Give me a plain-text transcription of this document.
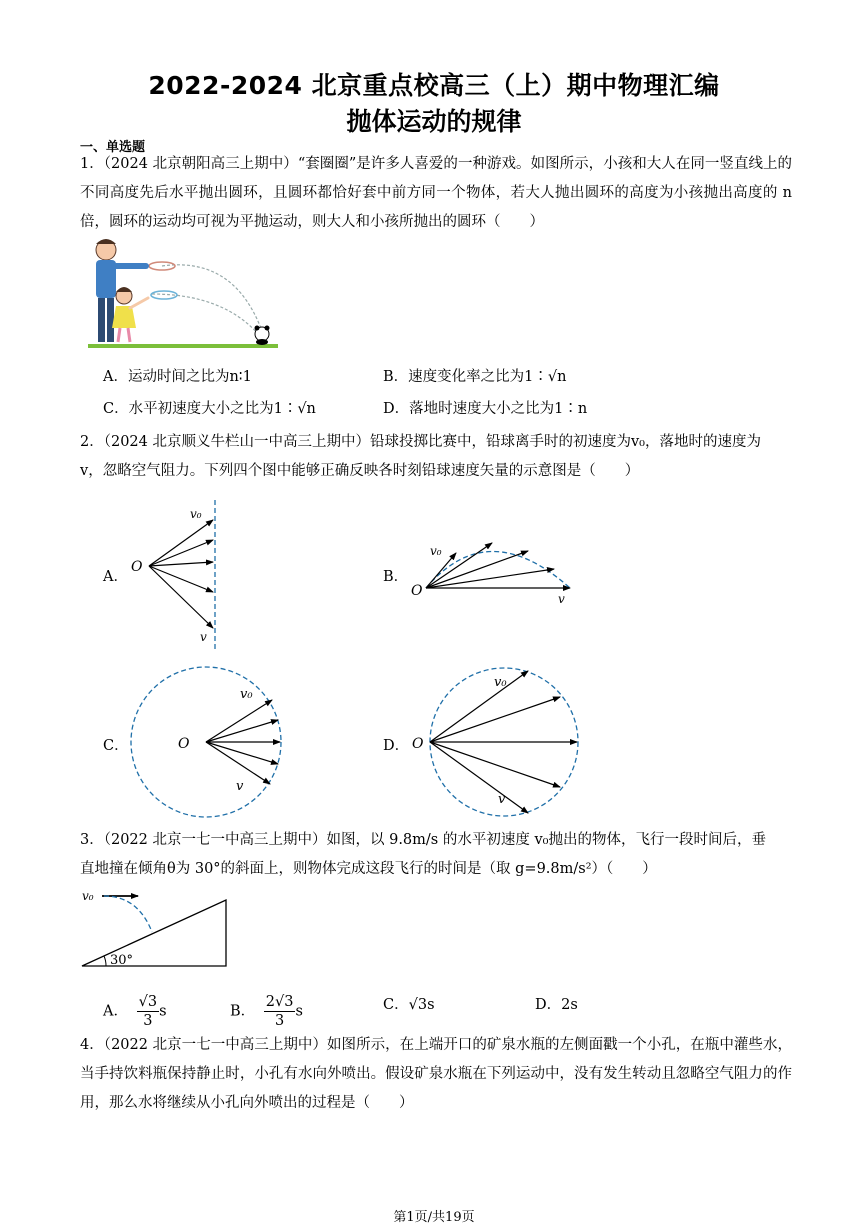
2022-2024 北京重点校高三（上）期中物理汇编
抛体运动的规律
一、单选题
1．（2024 北京朝阳高三上期中）“套圈圈”是许多人喜爱的一种游戏。如图所示，小孩和大人在同一竖直线上的不同高度先后水平抛出圆环，且圆环都恰好套中前方同一个物体，若大人抛出圆环的高度为小孩抛出高度的 n 倍，圆环的运动均可视为平抛运动，则大人和小孩所抛出的圆环（　　）
A．运动时间之比为n∶1	B．速度变化率之比为1∶√n
C．水平初速度大小之比为1∶√n	D．落地时速度大小之比为1∶n
2．（2024 北京顺义牛栏山一中高三上期中）铅球投掷比赛中，铅球离手时的初速度为v₀，落地时的速度为
v，忽略空气阻力。下列四个图中能够正确反映各时刻铅球速度矢量的示意图是（　　）
A．
O
v₀
v
B．
O
v₀
v
C．	O
v₀
v
D． O
v₀
v
3．（2022 北京一七一中高三上期中）如图，以 9.8m/s 的水平初速度 v₀抛出的物体，飞行一段时间后，垂
直地撞在倾角θ为 30°的斜面上，则物体完成这段飞行的时间是（取 g=9.8m/s²）（　　）
v₀
30°
A． $\frac{√3}{3}$ s	B． $\frac{2√3}{3}$ s	C．√3s	D．2s
4．（2022 北京一七一中高三上期中）如图所示，在上端开口的矿泉水瓶的左侧面戳一个小孔，在瓶中灌些水，当手持饮料瓶保持静止时，小孔有水向外喷出。假设矿泉水瓶在下列运动中，没有发生转动且忽略空气阻力的作用，那么水将继续从小孔向外喷出的过程是（　　）
第1页/共19页
